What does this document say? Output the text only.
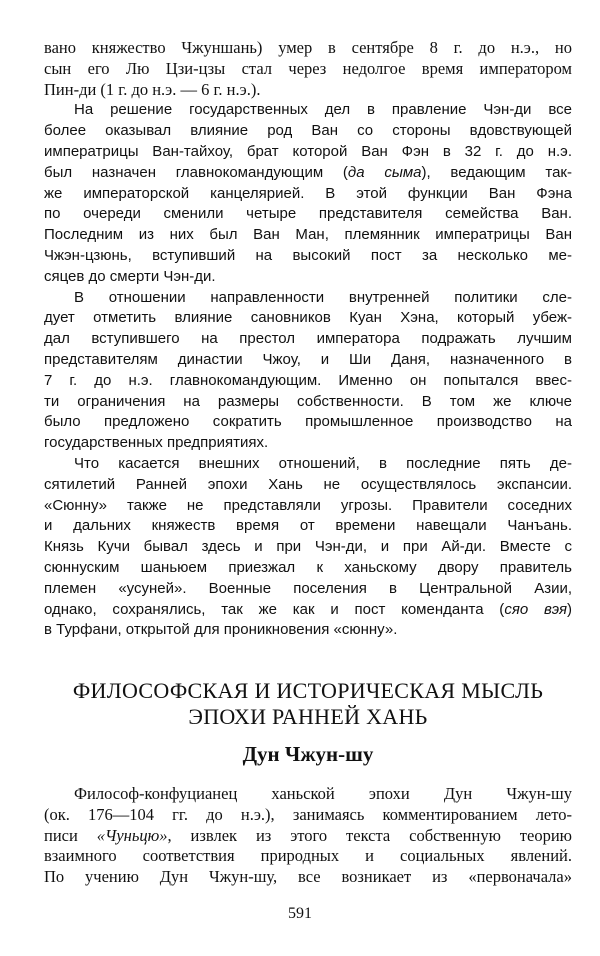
вано княжество Чжуншань) умер в сентябре 8 г. до н.э., но
сын его Лю Цзи-цзы стал через недолгое время императором
Пин-ди (1 г. до н.э. — 6 г. н.э.).
На решение государственных дел в правление Чэн-ди все
более оказывал влияние род Ван со стороны вдовствующей
императрицы Ван-тайхоу, брат которой Ван Фэн в 32 г. до н.э.
был назначен главнокомандующим (да сыма), ведающим так-
же императорской канцелярией. В этой функции Ван Фэна
по очереди сменили четыре представителя семейства Ван.
Последним из них был Ван Ман, племянник императрицы Ван
Чжэн-цзюнь, вступивший на высокий пост за несколько ме-
сяцев до смерти Чэн-ди.
В отношении направленности внутренней политики сле-
дует отметить влияние сановников Куан Хэна, который убеж-
дал вступившего на престол императора подражать лучшим
представителям династии Чжоу, и Ши Даня, назначенного в
7 г. до н.э. главнокомандующим. Именно он попытался ввес-
ти ограничения на размеры собственности. В том же ключе
было предложено сократить промышленное производство на
государственных предприятиях.
Что касается внешних отношений, в последние пять де-
сятилетий Ранней эпохи Хань не осуществлялось экспансии.
«Сюнну» также не представляли угрозы. Правители соседних
и дальних княжеств время от времени навещали Чанъань.
Князь Кучи бывал здесь и при Чэн-ди, и при Ай-ди. Вместе с
сюннуским шаньюем приезжал к ханьскому двору правитель
племен «усуней». Военные поселения в Центральной Азии,
однако, сохранялись, так же как и пост коменданта (сяо вэя)
в Турфани, открытой для проникновения «сюнну».
ФИЛОСОФСКАЯ И ИСТОРИЧЕСКАЯ МЫСЛЬ
ЭПОХИ РАННЕЙ ХАНЬ
Дун Чжун-шу
Философ-конфуцианец ханьской эпохи Дун Чжун-шу
(ок. 176—104 гг. до н.э.), занимаясь комментированием лето-
писи «Чуньцю», извлек из этого текста собственную теорию
взаимного соответствия природных и социальных явлений.
По учению Дун Чжун-шу, все возникает из «первоначала»
591
